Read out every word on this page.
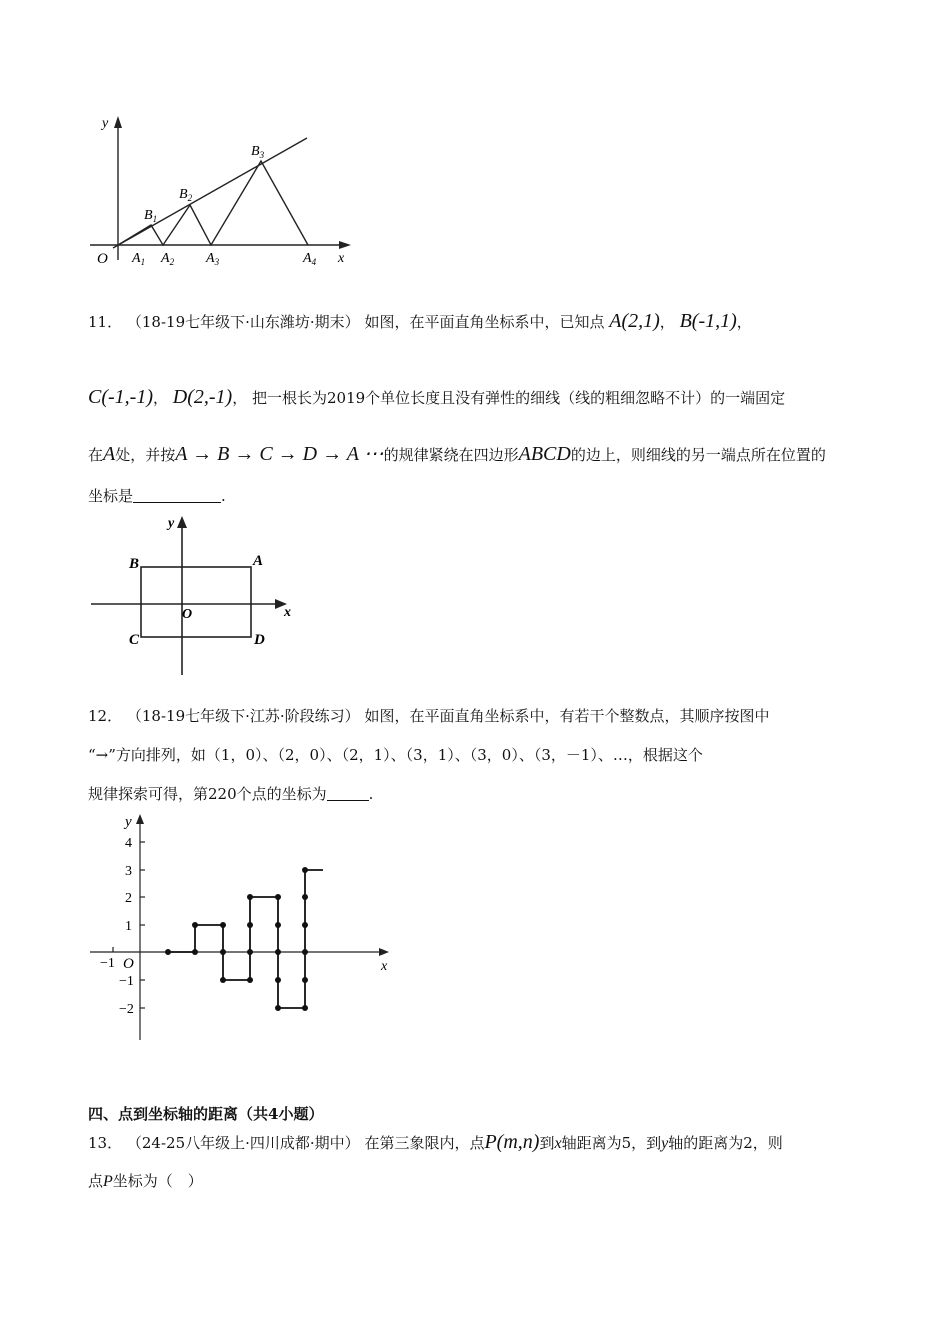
y
x
O
$B_1$
$B_2$
$B_3$
$A_1$ $A_2$ $A_3$	$A_4$
11． （18-19七年级下·山东潍坊·期末） 如图，在平面直角坐标系中，已知点 A(2,1)， B(-1,1)，
C(-1,-1)， D(2,-1)， 把一根长为2019个单位长度且没有弹性的细线（线的粗细忽略不计）的一端固定
在A处，并按A → B → C → D → A ⋯的规律紧绕在四边形ABCD的边上，则细线的另一端点所在位置的
坐标是	.
y
x
O
A
B
C	D
12． （18-19七年级下·江苏·阶段练习） 如图，在平面直角坐标系中，有若干个整数点，其顺序按图中
“→”方向排列，如（1，0）、（2，0）、（2，1）、（3，1）、（3，0）、（3，－1）、…，根据这个
规律探索可得，第220个点的坐标为	.
y
x
O
4
3
2
1
−1
−2
−1
四、点到坐标轴的距离（共4小题）
13． （24-25八年级上·四川成都·期中） 在第三象限内，点P(m,n)到x轴距离为5，到y轴的距离为2，则
点P坐标为（　）
